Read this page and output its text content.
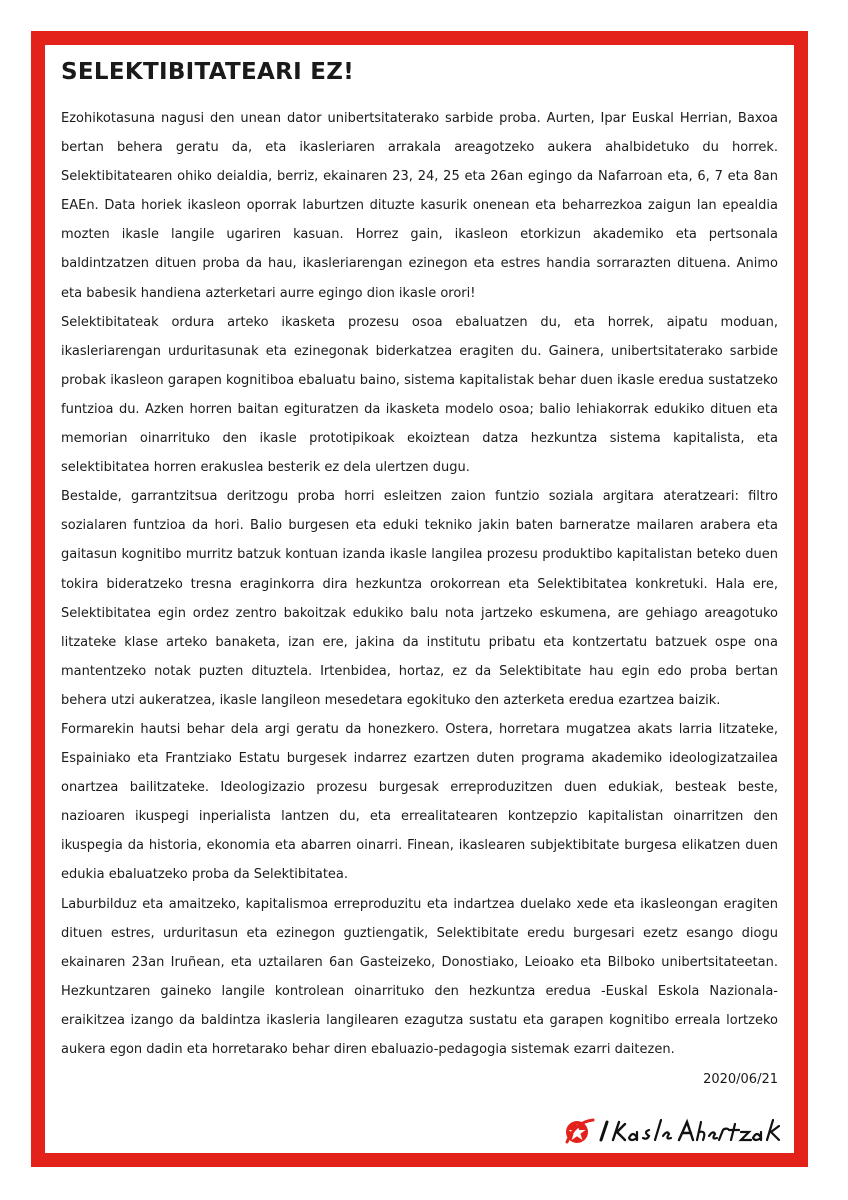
SELEKTIBITATEARI EZ!

Ezohikotasuna nagusi den unean dator unibertsitaterako sarbide proba. Aurten, Ipar Euskal Herrian, Baxoa bertan behera geratu da, eta ikasleriaren arrakala areagotzeko aukera ahalbidetuko du horrek. Selektibitatearen ohiko deialdia, berriz, ekainaren 23, 24, 25 eta 26an egingo da Nafarroan eta, 6, 7 eta 8an EAEn. Data horiek ikasleon oporrak laburtzen dituzte kasurik onenean eta beharrezkoa zaigun lan epealdia mozten ikasle langile ugariren kasuan. Horrez gain, ikasleon etorkizun akademiko eta pertsonala baldintzatzen dituen proba da hau, ikasleriarengan ezinegon eta estres handia sorrarazten dituena. Animo eta babesik handiena azterketari aurre egingo dion ikasle orori!

Selektibitateak ordura arteko ikasketa prozesu osoa ebaluatzen du, eta horrek, aipatu moduan, ikasleriarengan urduritasunak eta ezinegonak biderkatzea eragiten du. Gainera, unibertsitaterako sarbide probak ikasleon garapen kognitiboa ebaluatu baino, sistema kapitalistak behar duen ikasle eredua sustatzeko funtzioa du. Azken horren baitan egituratzen da ikasketa modelo osoa; balio lehiakorrak edukiko dituen eta memorian oinarrituko den ikasle prototipikoak ekoiztean datza hezkuntza sistema kapitalista, eta selektibitatea horren erakuslea besterik ez dela ulertzen dugu.

Bestalde, garrantzitsua deritzogu proba horri esleitzen zaion funtzio soziala argitara ateratzeari: filtro sozialaren funtzioa da hori. Balio burgesen eta eduki tekniko jakin baten barneratze mailaren arabera eta gaitasun kognitibo murritz batzuk kontuan izanda ikasle langilea prozesu produktibo kapitalistan beteko duen tokira bideratzeko tresna eraginkorra dira hezkuntza orokorrean eta Selektibitatea konkretuki. Hala ere, Selektibitatea egin ordez zentro bakoitzak edukiko balu nota jartzeko eskumena, are gehiago areagotuko litzateke klase arteko banaketa, izan ere, jakina da institutu pribatu eta kontzertatu batzuek ospe ona mantentzeko notak puzten dituztela. Irtenbidea, hortaz, ez da Selektibitate hau egin edo proba bertan behera utzi aukeratzea, ikasle langileon mesedetara egokituko den azterketa eredua ezartzea baizik.

Formarekin hautsi behar dela argi geratu da honezkero. Ostera, horretara mugatzea akats larria litzateke, Espainiako eta Frantziako Estatu burgesek indarrez ezartzen duten programa akademiko ideologizatzailea onartzea bailitzateke. Ideologizazio prozesu burgesak erreproduzitzen duen edukiak, besteak beste, nazioaren ikuspegi inperialista lantzen du, eta errealitatearen kontzepzio kapitalistan oinarritzen den ikuspegia da historia, ekonomia eta abarren oinarri. Finean, ikaslearen subjektibitate burgesa elikatzen duen edukia ebaluatzeko proba da Selektibitatea.

Laburbilduz eta amaitzeko, kapitalismoa erreproduzitu eta indartzea duelako xede eta ikasleongan eragiten dituen estres, urduritasun eta ezinegon guztiengatik, Selektibitate eredu burgesari ezetz esango diogu ekainaren 23an Iruñean, eta uztailaren 6an Gasteizeko, Donostiako, Leioako eta Bilboko unibertsitateetan. Hezkuntzaren gaineko langile kontrolean oinarrituko den hezkuntza eredua -Euskal Eskola Nazionala- eraikitzea izango da baldintza ikasleria langilearen ezagutza sustatu eta garapen kognitibo erreala lortzeko aukera egon dadin eta horretarako behar diren ebaluazio-pedagogia sistemak ezarri daitezen.

2020/06/21
